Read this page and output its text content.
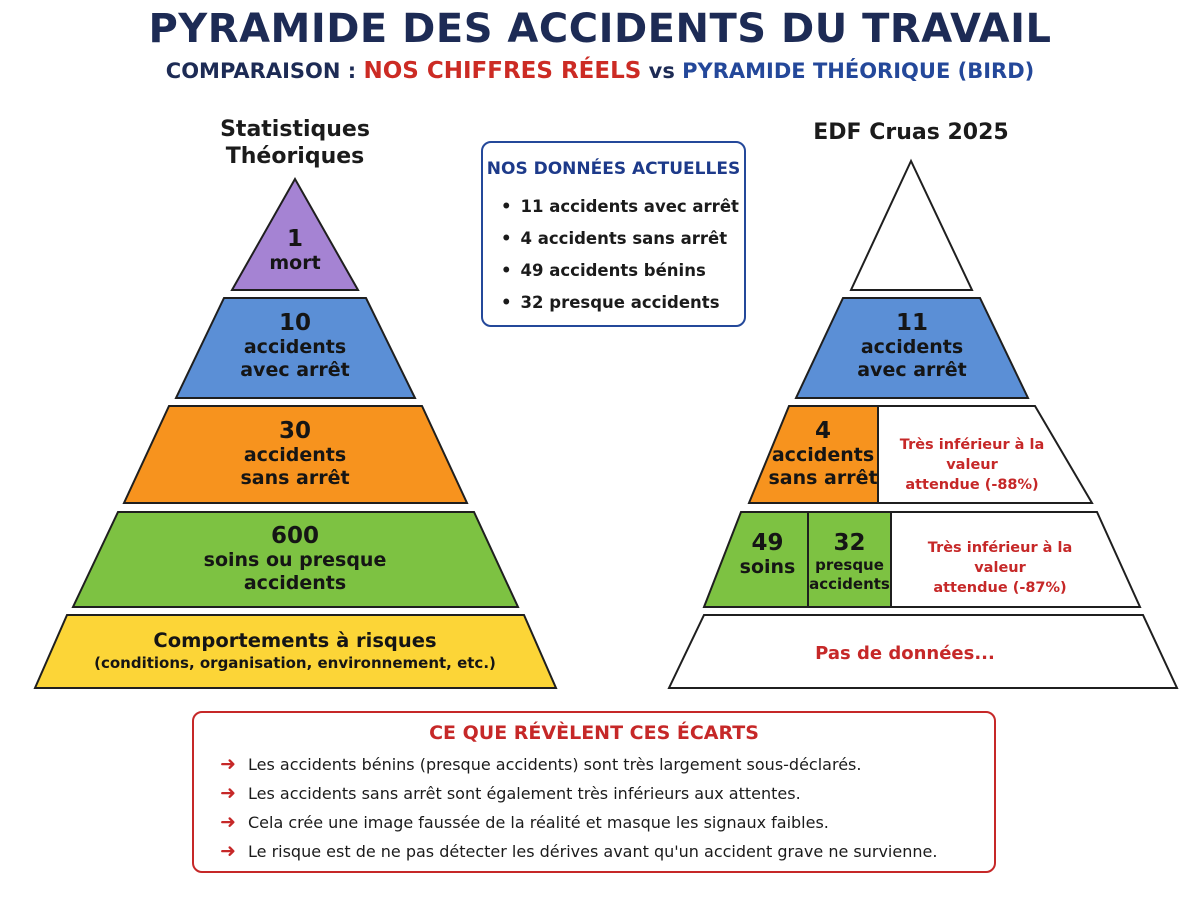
PYRAMIDE DES ACCIDENTS DU TRAVAIL
COMPARAISON : NOS CHIFFRES RÉELS vs PYRAMIDE THÉORIQUE (BIRD)
Statistiques
Théoriques
1
mort
10
accidents
avec arrêt
30
accidents
sans arrêt
600
soins ou presque
accidents
Comportements à risques
(conditions, organisation, environnement, etc.)
NOS DONNÉES ACTUELLES
• 11 accidents avec arrêt
• 4 accidents sans arrêt
• 49 accidents bénins
• 32 presque accidents
EDF Cruas 2025
11
accidents
avec arrêt
4
accidents
sans arrêt
Très inférieur à la valeur
attendue (-88%)
49
soins
32
presque
accidents
Très inférieur à la valeur
attendue (-87%)
Pas de données...
CE QUE RÉVÈLENT CES ÉCARTS
➜ Les accidents bénins (presque accidents) sont très largement sous-déclarés.
➜ Les accidents sans arrêt sont également très inférieurs aux attentes.
➜ Cela crée une image faussée de la réalité et masque les signaux faibles.
➜ Le risque est de ne pas détecter les dérives avant qu'un accident grave ne survienne.
